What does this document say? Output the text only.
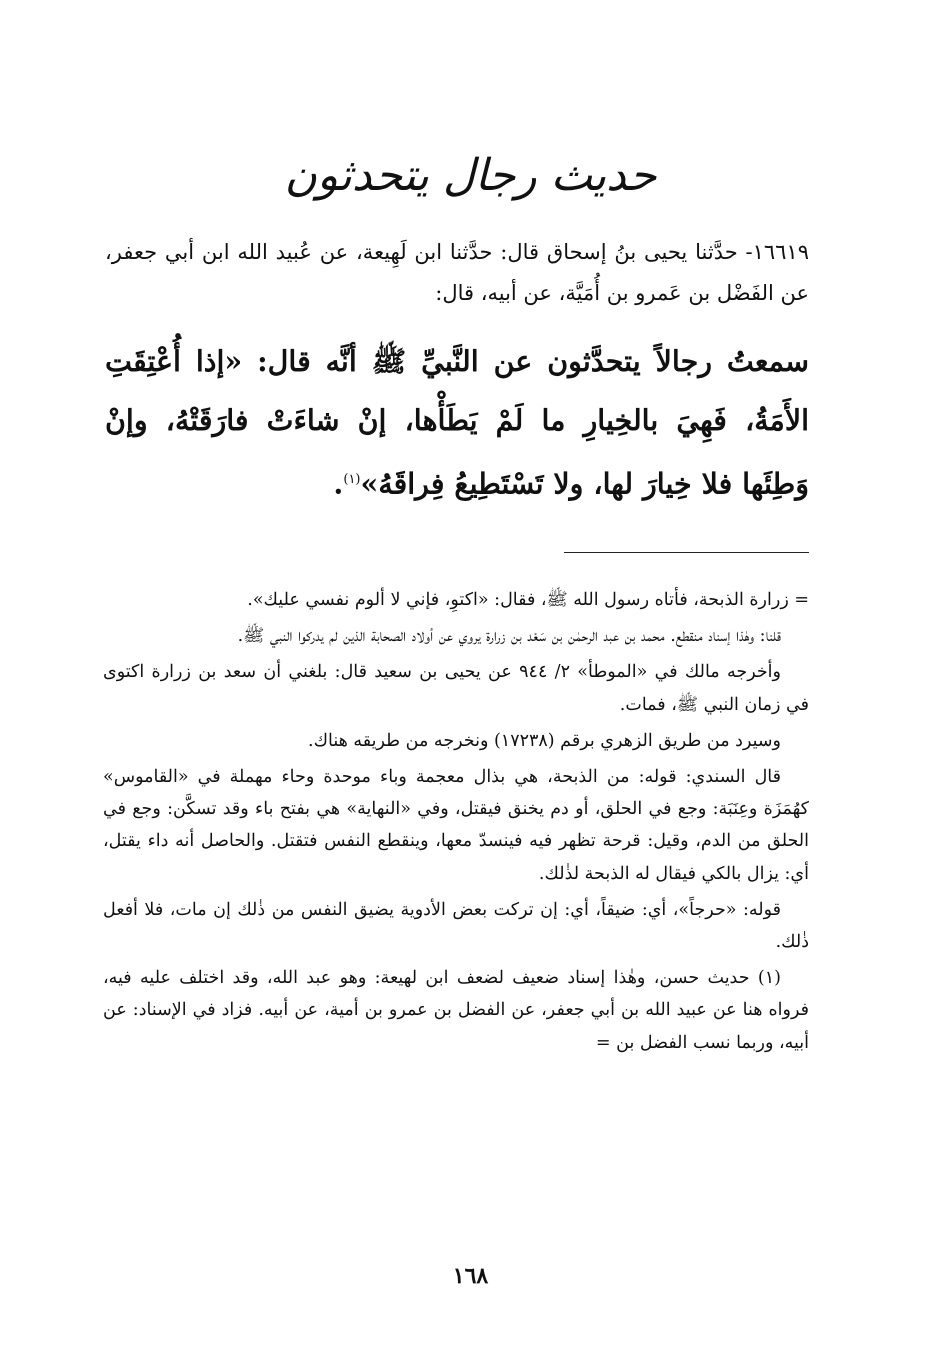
حديث رجال يتحدثون
١٦٦١٩- حدَّثنا يحيى بنُ إسحاق قال: حدَّثنا ابن لَهِيعة، عن عُبيد الله ابن أبي جعفر، عن الفَضْل بن عَمرو بن أُمَيَّة، عن أبيه، قال:
سمعتُ رجالاً يتحدَّثون عن النَّبيِّ ﷺ أنَّه قال: «إذا أُعْتِقَتِ الأَمَةُ، فَهِيَ بالخِيارِ ما لَمْ يَطَأْها، إنْ شاءَتْ فارَقَتْهُ، وإنْ وَطِئَها فلا خِيارَ لها، ولا تَسْتَطِيعُ فِراقَهُ»$^{(١)}$.

= زرارة الذبحة، فأتاه رسول الله ﷺ، فقال: «اكتوِ، فإني لا ألوم نفسي عليك».

قلنا: وهٰذا إسناد منقطع. محمد بن عبد الرحمٰن بن سَعْد بن زرارة يروي عن أولاد الصحابة الذين لم يدركوا النبي ﷺ.

وأخرجه مالك في «الموطأ» ٢/ ٩٤٤ عن يحيى بن سعيد قال: بلغني أن سعد بن زرارة اكتوى في زمان النبي ﷺ، فمات.

وسيرد من طريق الزهري برقم (١٧٢٣٨) ونخرجه من طريقه هناك.

قال السندي: قوله: من الذبحة، هي بذال معجمة وباء موحدة وحاء مهملة في «القاموس» كهُمَزَة وعِنَبَة: وجع في الحلق، أو دم يخنق فيقتل، وفي «النهاية» هي بفتح باء وقد تسكَّن: وجع في الحلق من الدم، وقيل: قرحة تظهر فيه فينسدّ معها، وينقطع النفس فتقتل. والحاصل أنه داء يقتل، أي: يزال بالكي فيقال له الذبحة لذٰلك.

قوله: «حرجاً»، أي: ضيقاً، أي: إن تركت بعض الأدوية يضيق النفس من ذٰلك إن مات، فلا أفعل ذٰلك.

(١) حديث حسن، وهٰذا إسناد ضعيف لضعف ابن لهيعة: وهو عبد الله، وقد اختلف عليه فيه، فرواه هنا عن عبيد الله بن أبي جعفر، عن الفضل بن عمرو بن أمية، عن أبيه. فزاد في الإسناد: عن أبيه، وربما نسب الفضل بن =

١٦٨
